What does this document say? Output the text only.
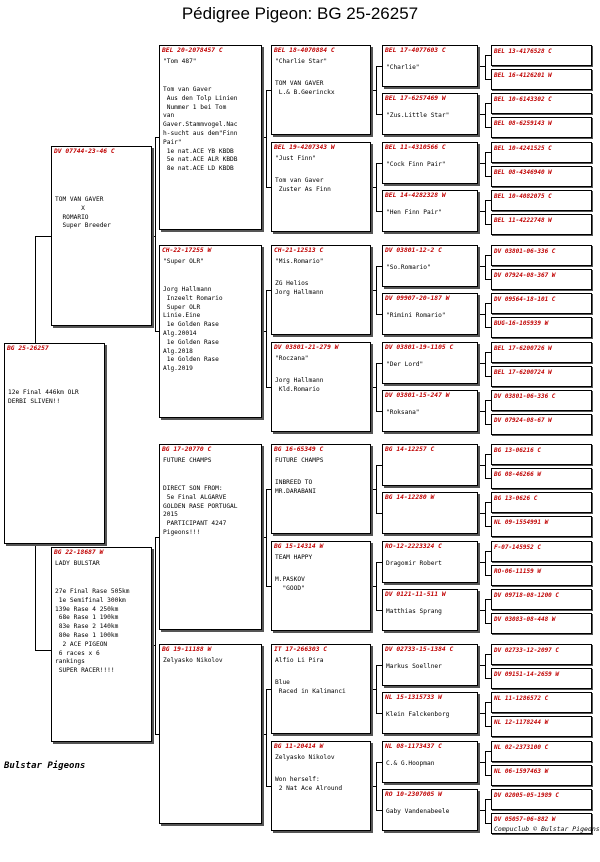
Pédigree Pigeon: BG 25-26257
BG 25-26257
12e Final 446km OLR
DERBI SLIVEN!!
DV 07744-23-46 C
TOM VAN GAVER
X
ROMARIO
Super Breeder
BG 22-18687 W
LADY BULSTAR
27e Final Rase 505km
1e Semifinal 300km
139e Rase 4 250km
68e Rase 1 190km
83e Rase 2 140km
80e Rase 1 100km
2 ACE PIGEON
6 races x 6
rankings
SUPER RACER!!!!
BEL 20-2078457 C
"Tom 487"
Tom van Gaver
Aus den Tolp Linien
Nummer 1 bei Tom
van
Gaver.Stammvogel.Nac
h-sucht aus dem"Finn
Pair"
1e nat.ACE YB KBDB
5e nat.ACE ALR KBDB
8e nat.ACE LD KBDB
CH-22-17255 W
"Super OLR"
Jorg Hallmann
Inzeelt Romario
Super OLR
Linie.Eine
1e Golden Rase
Alg.20014
1e Golden Rase
Alg.2018
1e Golden Rase
Alg.2019
BG 17-20770 C
FUTURE CHAMPS
DIRECT SON FROM:
5e Final ALGARVE
GOLDEN RASE PORTUGAL
2015
PARTICIPANT 4247
Pigeons!!!
BG 19-11188 W
Zelyasko Nikolov
BEL 18-4070884 C
"Charlie Star"
TOM VAN GAVER
L.& B.Geerinckx
BEL 19-4207343 W
"Just Finn"
Tom van Gaver
Zuster As Finn
CH-21-12513 C
"Mis.Romario"
ZG Helios
Jorg Hallmann
DV 03801-21-279 W
"Roczana"
Jorg Hallmann
Kld.Romario
BG 16-65349 C
FUTURE CHAMPS
INBREED TO
MR.DARABANI
BG 15-14314 W
TEAM HAPPY
M.PASKOV
"GOOD"
IT 17-266303 C
Alfio Li Pira
Blue
Raced in Kalimanci
BG 11-20414 W
Zelyasko Nikolov
Won herself:
2 Nat Ace Alround
BEL 17-4077603 C
"Charlie"
BEL 17-6257469 W
"Zus.Little Star"
BEL 11-4310566 C
"Cock Finn Pair"
BEL 14-4282328 W
"Hen Finn Pair"
DV 03801-12-2 C
"So.Romario"
DV 09907-20-187 W
"Rimini Romario"
DV 03801-19-1105 C
"Der Lord"
DV 03801-15-247 W
"Roksana"
BG 14-12257 C
BG 14-12280 W
RO-12-2223324 C
Dragomir Robert
DV 0121-11-511 W
Matthias Sprang
DV 02733-15-1384 C
Markus Soellner
NL 15-1315733 W
Klein Falckenborg
NL 08-1173437 C
C.& G.Hoopman
RO 10-2307005 W
Gaby Vandenabeele
BEL 13-4176528 C
BEL 16-4126201 W
BEL 10-6143302 C
BEL 08-6259143 W
BEL 10-4241525 C
BEL 08-4346940 W
BEL 10-4082075 C
BEL 11-4222748 W
DV 03801-06-336 C
DV 07924-08-367 W
DV 09564-18-101 C
BUG-16-105939 W
BEL 17-6200726 W
BEL 17-6200724 W
DV 03801-06-336 C
DV 07924-08-67 W
BG 13-06216 C
BG 08-46266 W
BG 13-0626 C
NL 09-1554991 W
F-07-145952 C
RO-06-11159 W
DV 09718-08-1200 C
DV 03083-08-448 W
DV 02733-12-2097 C
DV 09151-14-2659 W
NL 11-1286572 C
NL 12-1178244 W
NL 02-2373100 C
NL 06-1597463 W
DV 02005-05-1989 C
DV 05057-06-882 W
Bulstar Pigeons
Compuclub © Bulstar Pigeons
